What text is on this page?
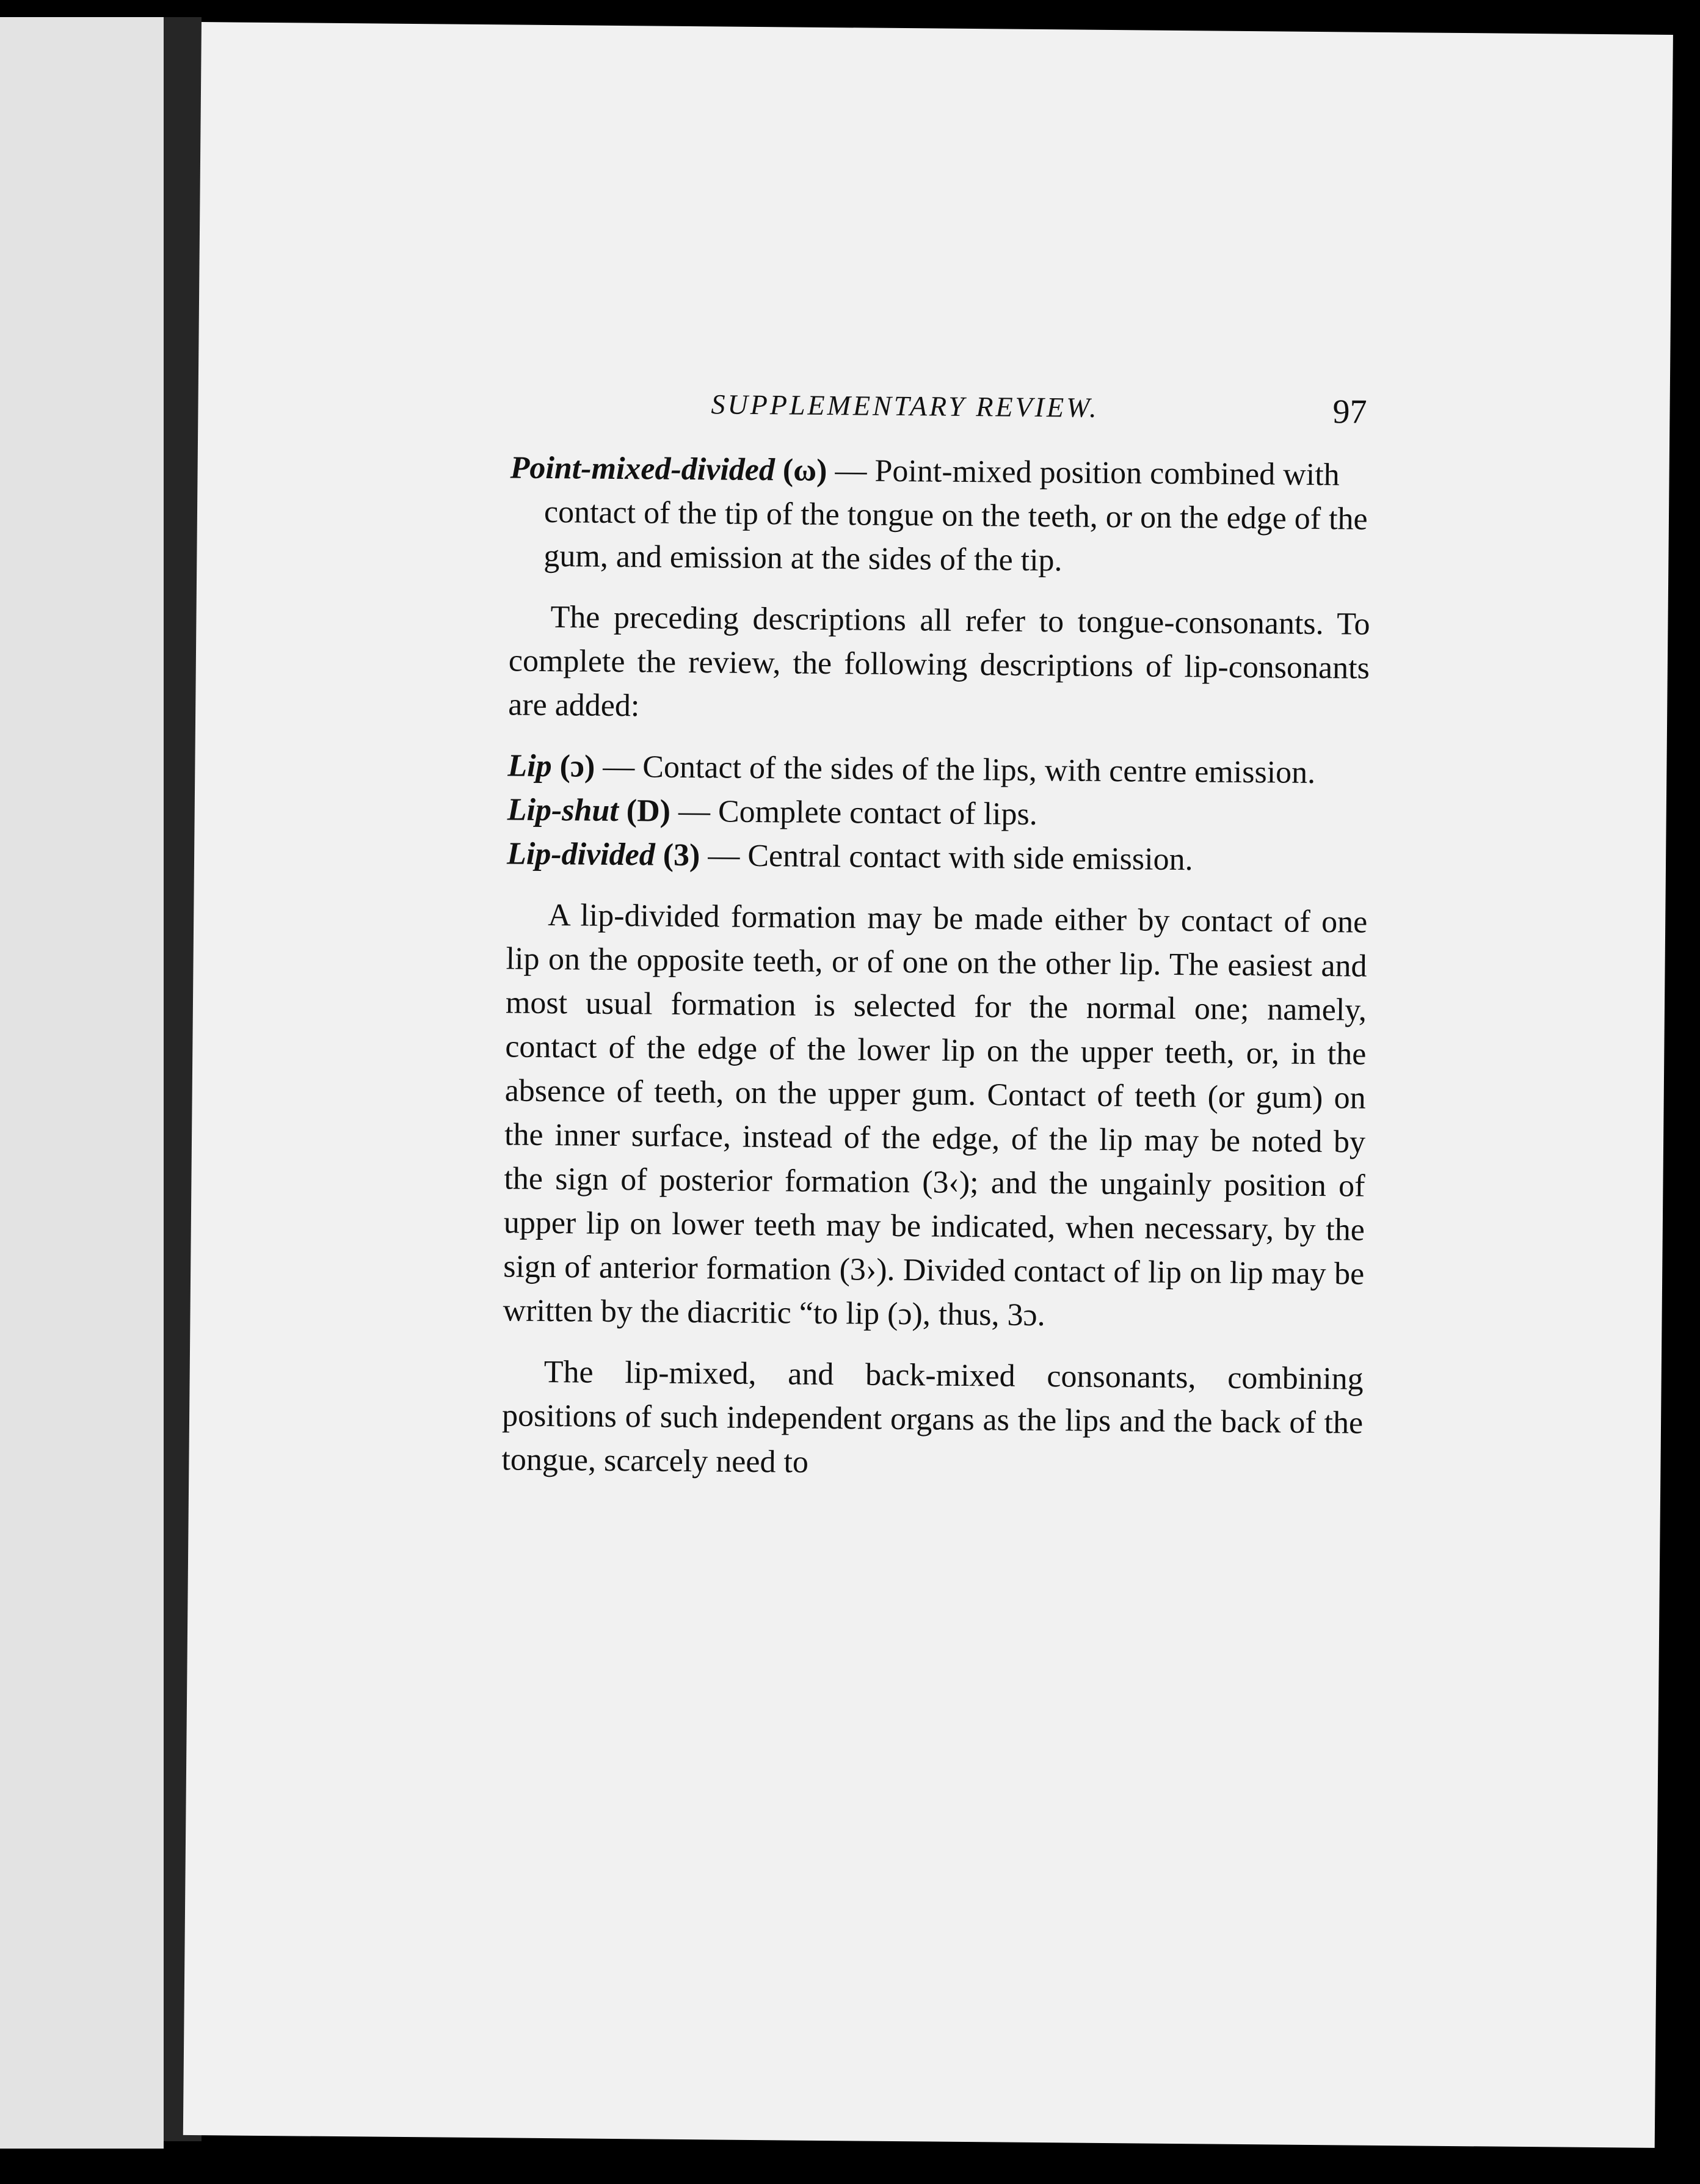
SUPPLEMENTARY REVIEW.	97

Point-mixed-divided (ω) — Point-mixed position combined with contact of the tip of the tongue on the teeth, or on the edge of the gum, and emission at the sides of the tip.

The preceding descriptions all refer to tongue-consonants. To complete the review, the following descriptions of lip-consonants are added:

Lip (ɔ) — Contact of the sides of the lips, with centre emission.

Lip-shut (D) — Complete contact of lips.

Lip-divided (3) — Central contact with side emission.

A lip-divided formation may be made either by contact of one lip on the opposite teeth, or of one on the other lip. The easiest and most usual formation is selected for the normal one; namely, contact of the edge of the lower lip on the upper teeth, or, in the absence of teeth, on the upper gum. Contact of teeth (or gum) on the inner surface, instead of the edge, of the lip may be noted by the sign of posterior formation (3‹); and the ungainly position of upper lip on lower teeth may be indicated, when necessary, by the sign of anterior formation (3›). Divided contact of lip on lip may be written by the diacritic “to lip (ɔ), thus, 3ɔ.

The lip-mixed, and back-mixed consonants, combining positions of such independent organs as the lips and the back of the tongue, scarcely need to
